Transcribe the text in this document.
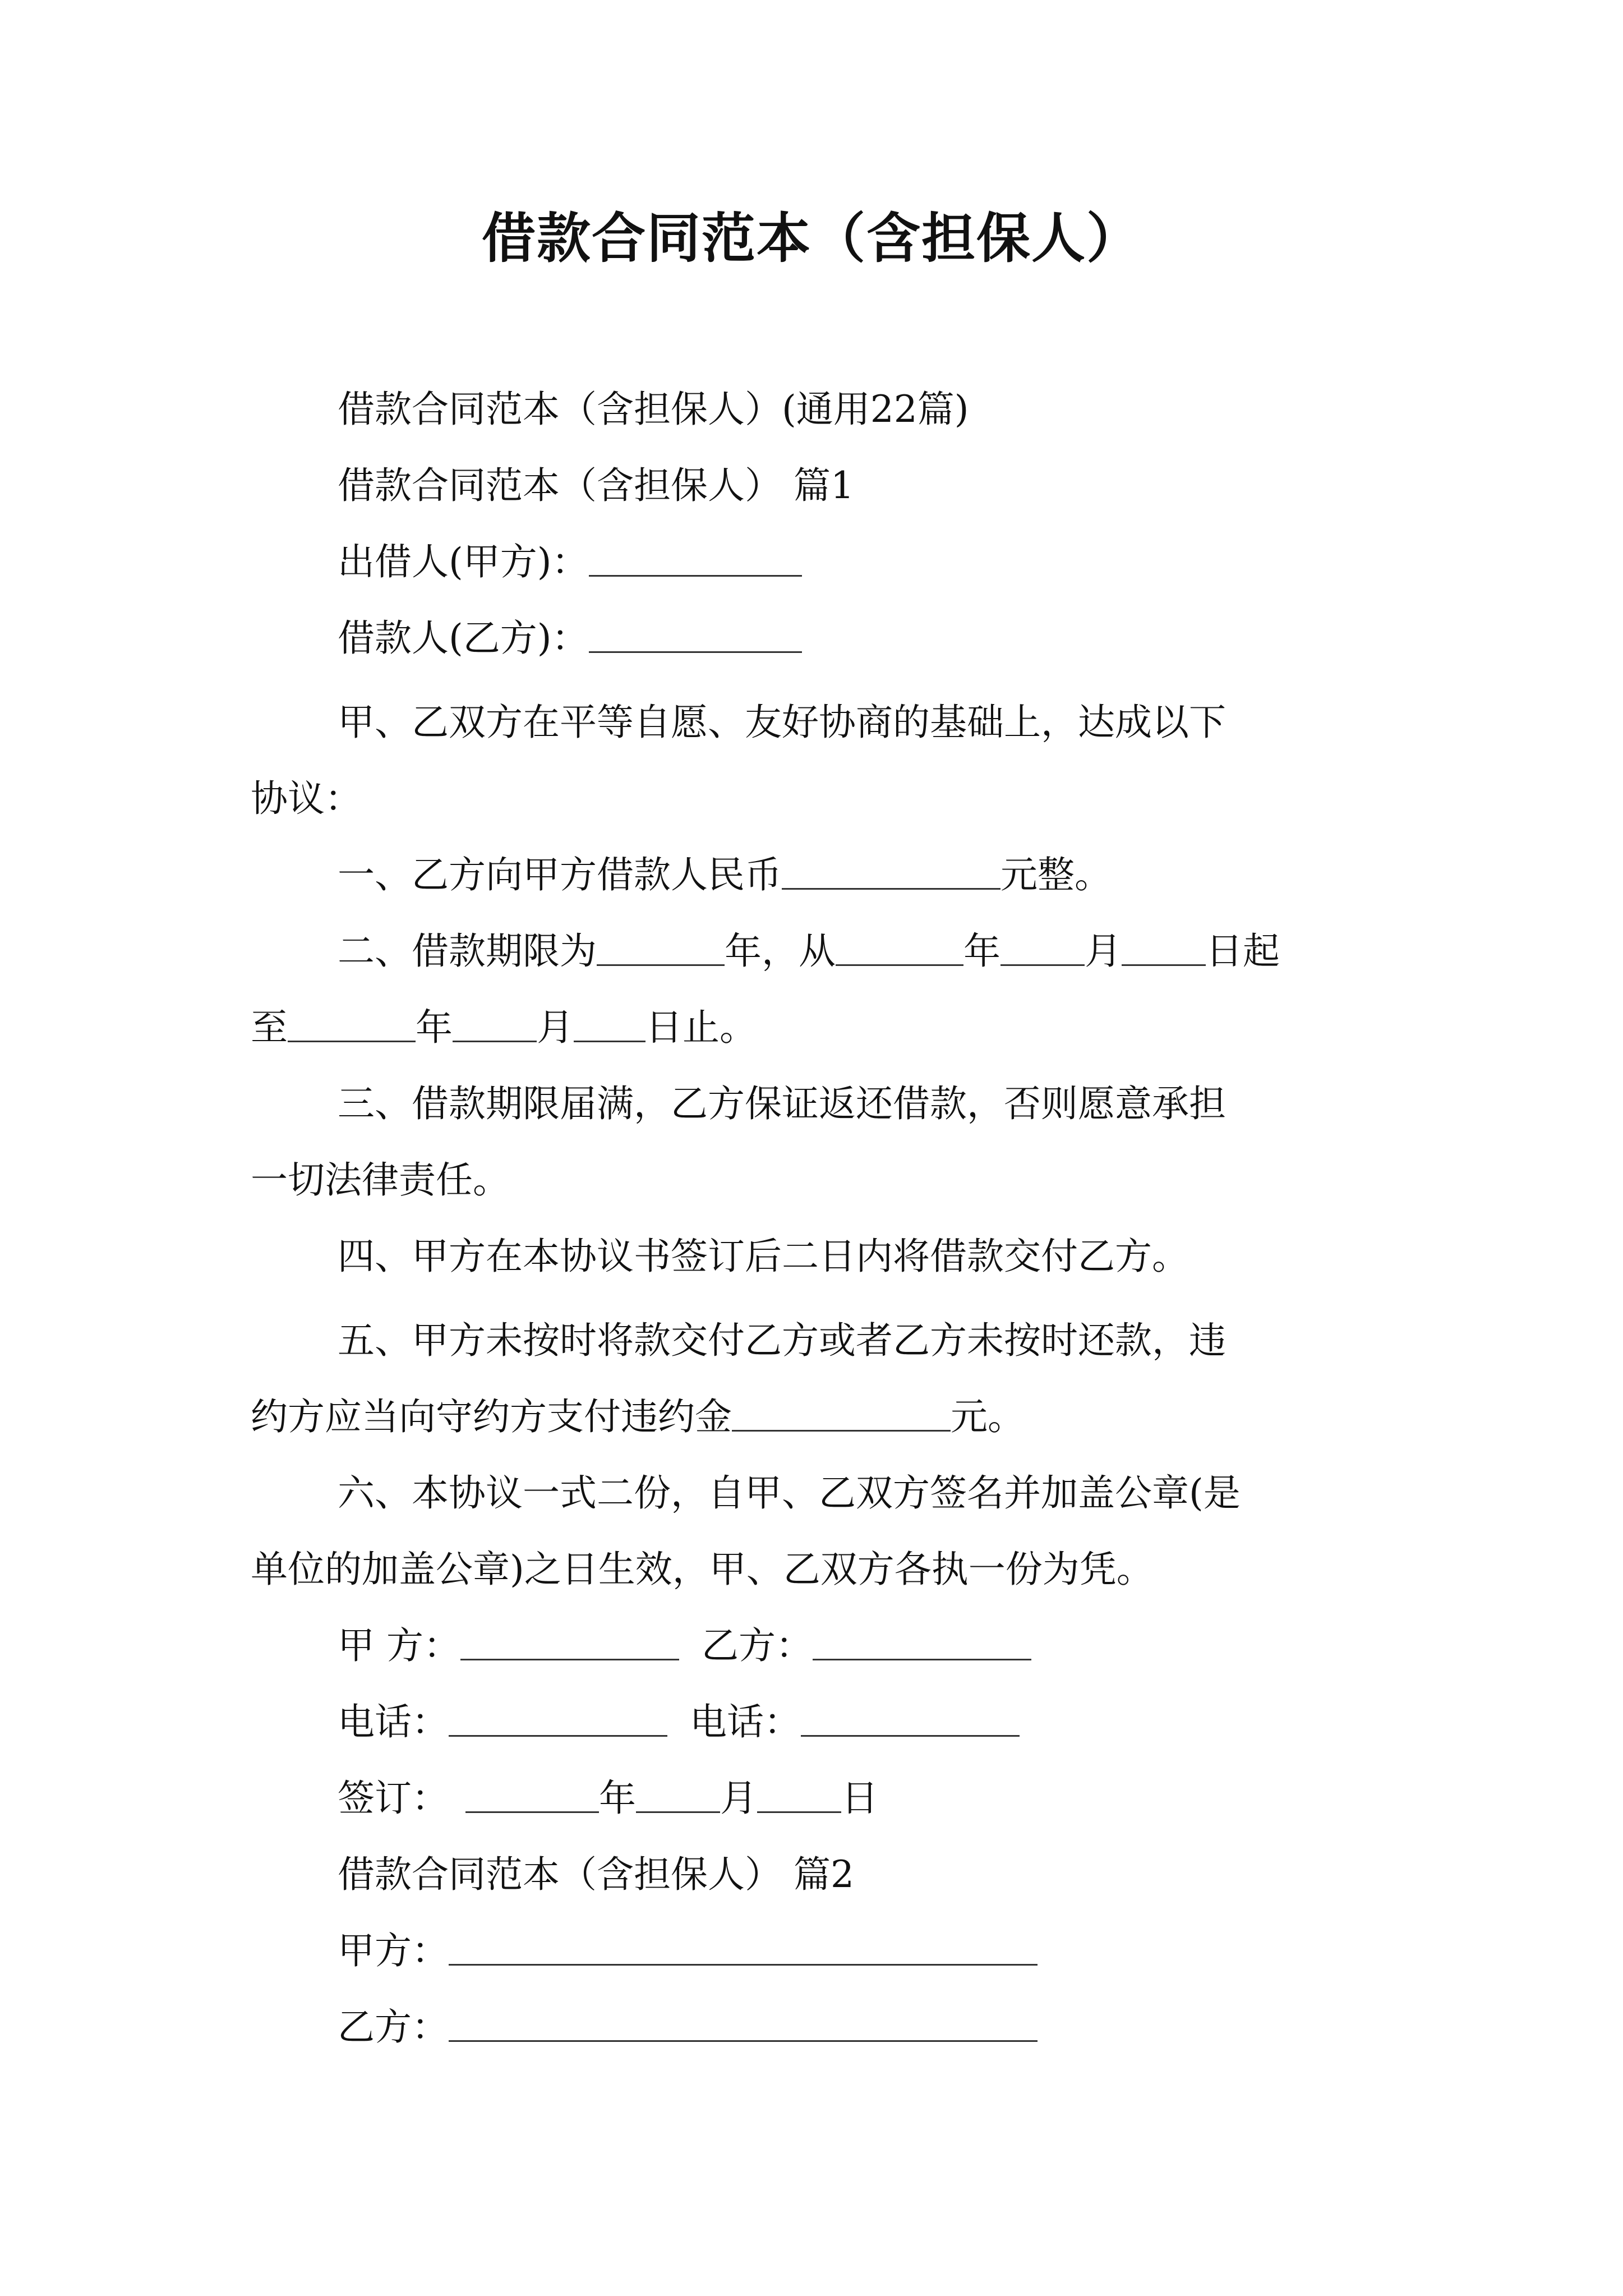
借款合同范本（含担保人）
借款合同范本（含担保人）(通用22篇)
借款合同范本（含担保人） 篇1
出借人(甲方)：
借款人(乙方)：
甲、乙双方在平等自愿、友好协商的基础上，达成以下
协议：
一、乙方向甲方借款人民币	元整。
二、借款期限为	年，从	年 月 日起
至	年 月 日止。
三、借款期限届满，乙方保证返还借款，否则愿意承担
一切法律责任。
四、甲方在本协议书签订后二日内将借款交付乙方。
五、甲方未按时将款交付乙方或者乙方未按时还款，违
约方应当向守约方支付违约金	元。
六、本协议一式二份，自甲、乙双方签名并加盖公章(是
单位的加盖公章)之日生效，甲、乙双方各执一份为凭。
甲 方：	乙方：
电话：	电话：
签订：	年 月 日
借款合同范本（含担保人） 篇2
甲方：
乙方：
